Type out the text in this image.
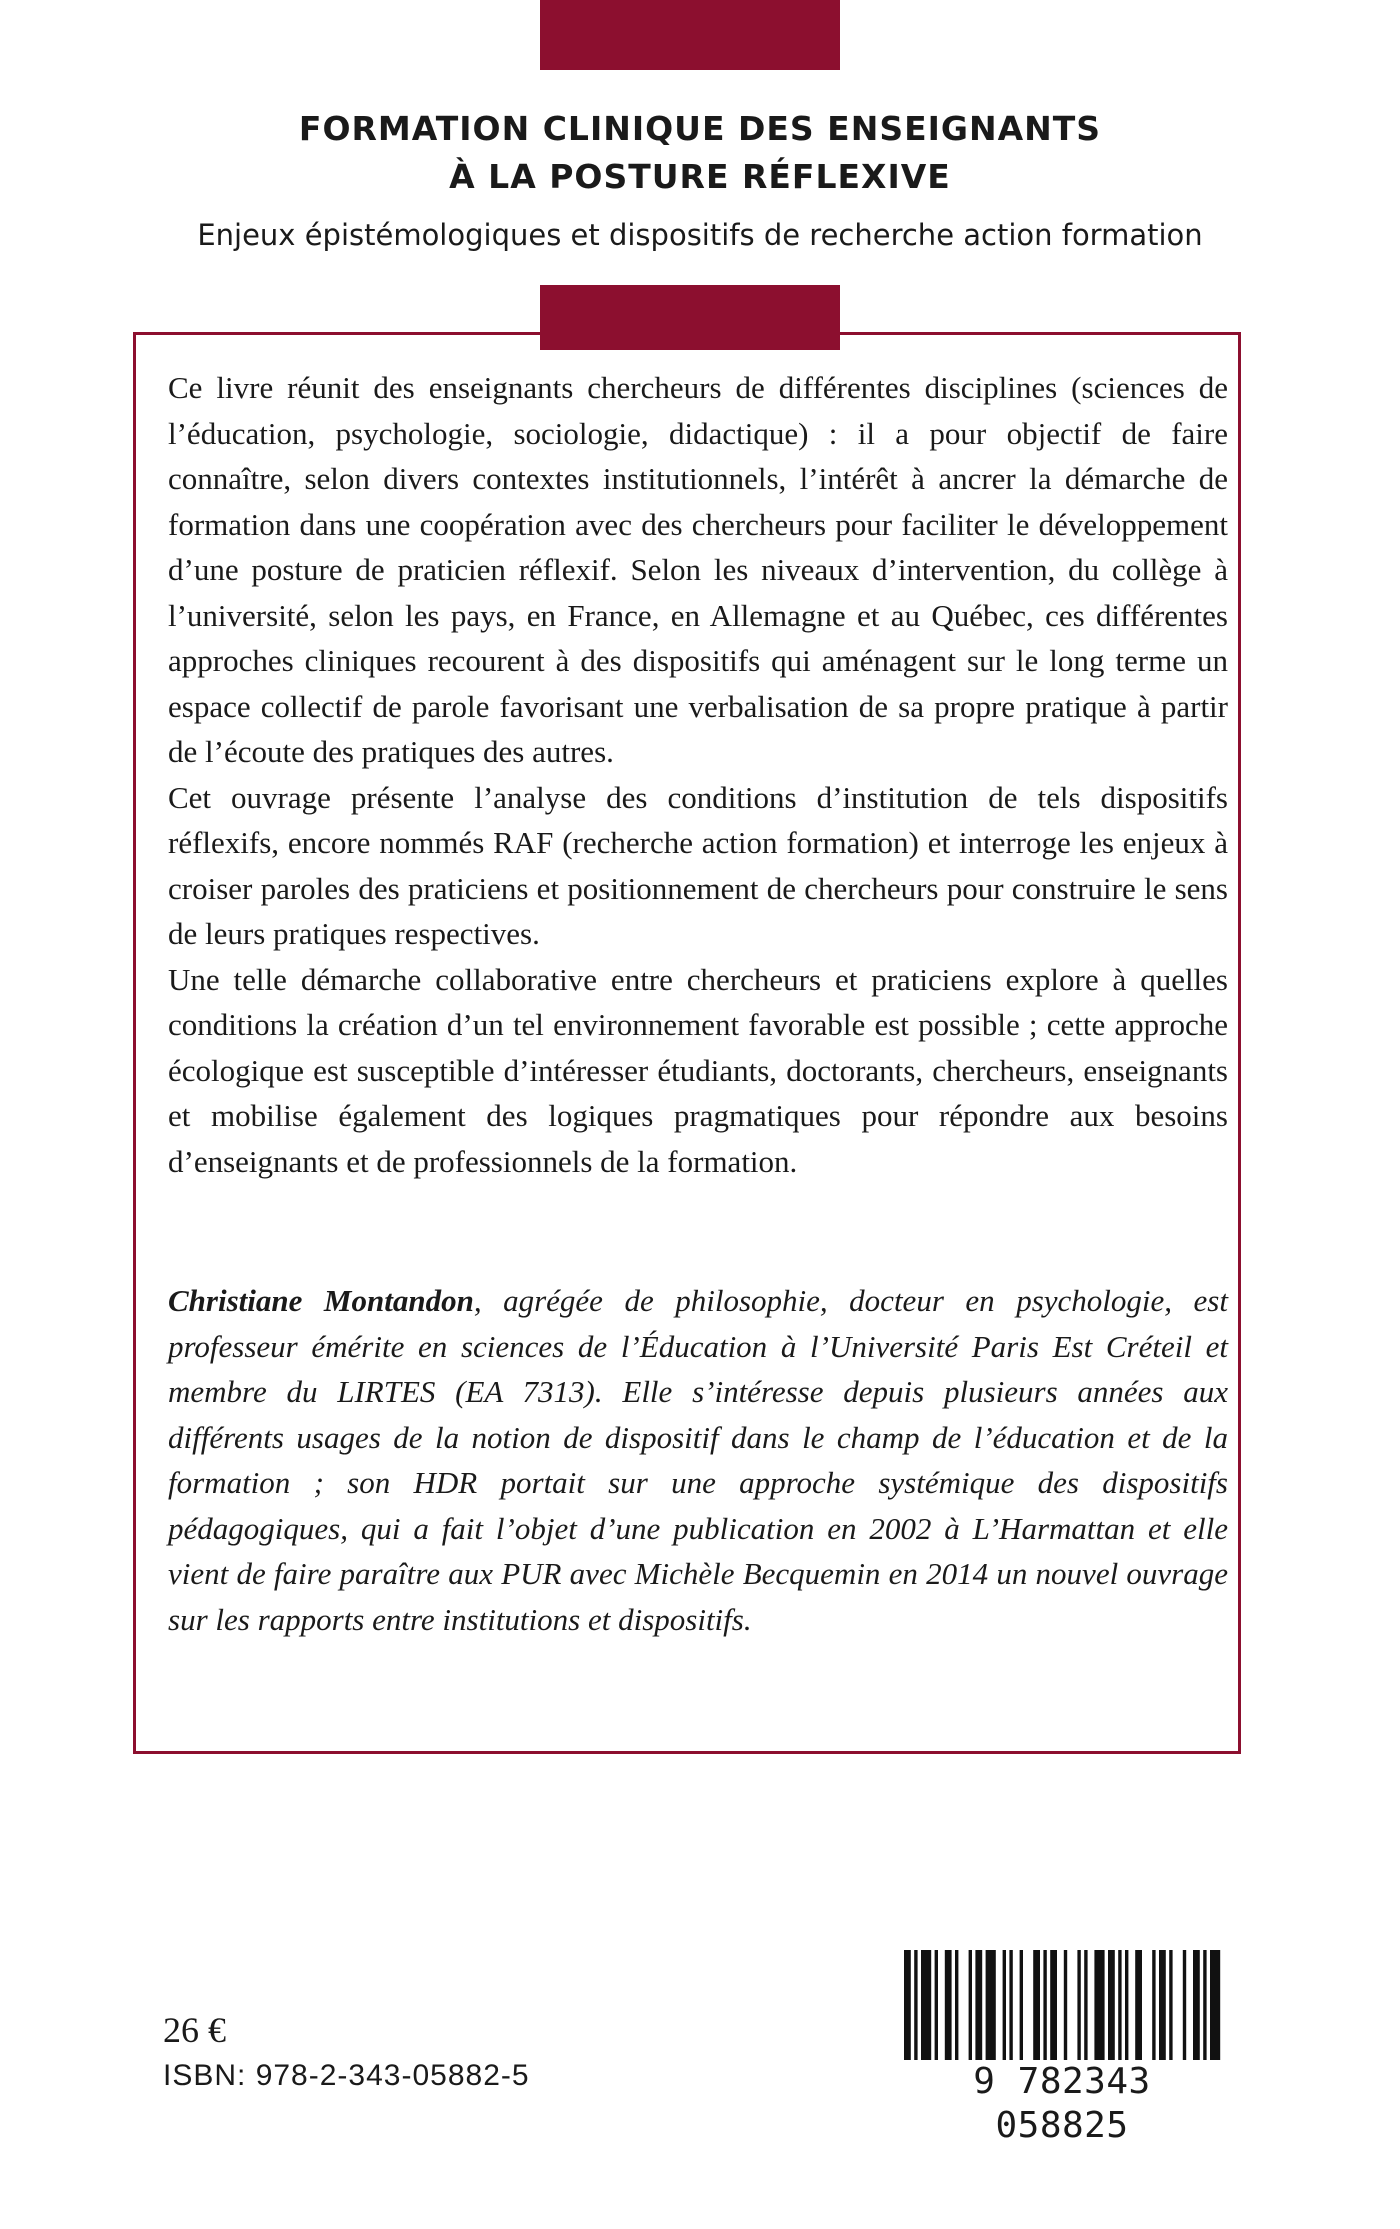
FORMATION CLINIQUE DES ENSEIGNANTS
À LA POSTURE RÉFLEXIVE
Enjeux épistémologiques et dispositifs de recherche action formation

Ce livre réunit des enseignants chercheurs de différentes disciplines (sciences de l’éducation, psychologie, sociologie, didactique) : il a pour objectif de faire connaître, selon divers contextes institutionnels, l’intérêt à ancrer la démarche de formation dans une coopération avec des chercheurs pour faciliter le développement d’une posture de praticien réflexif. Selon les niveaux d’intervention, du collège à l’université, selon les pays, en France, en Allemagne et au Québec, ces différentes approches cliniques recourent à des dispositifs qui aménagent sur le long terme un espace collectif de parole favorisant une verbalisation de sa propre pratique à partir de l’écoute des pratiques des autres.

Cet ouvrage présente l’analyse des conditions d’institution de tels dispositifs réflexifs, encore nommés RAF (recherche action formation) et interroge les enjeux à croiser paroles des praticiens et positionnement de chercheurs pour construire le sens de leurs pratiques respectives.

Une telle démarche collaborative entre chercheurs et praticiens explore à quelles conditions la création d’un tel environnement favorable est possible ; cette approche écologique est susceptible d’intéresser étudiants, doctorants, chercheurs, enseignants et mobilise également des logiques pragmatiques pour répondre aux besoins d’enseignants et de professionnels de la formation.

Christiane Montandon, agrégée de philosophie, docteur en psychologie, est professeur émérite en sciences de l’Éducation à l’Université Paris Est Créteil et membre du LIRTES (EA 7313). Elle s’intéresse depuis plusieurs années aux différents usages de la notion de dispositif dans le champ de l’éducation et de la formation ; son HDR portait sur une approche systémique des dispositifs pédagogiques, qui a fait l’objet d’une publication en 2002 à L’Harmattan et elle vient de faire paraître aux PUR avec Michèle Becquemin en 2014 un nouvel ouvrage sur les rapports entre institutions et dispositifs.
26 €
ISBN: 978-2-343-05882-5	9 782343 058825
